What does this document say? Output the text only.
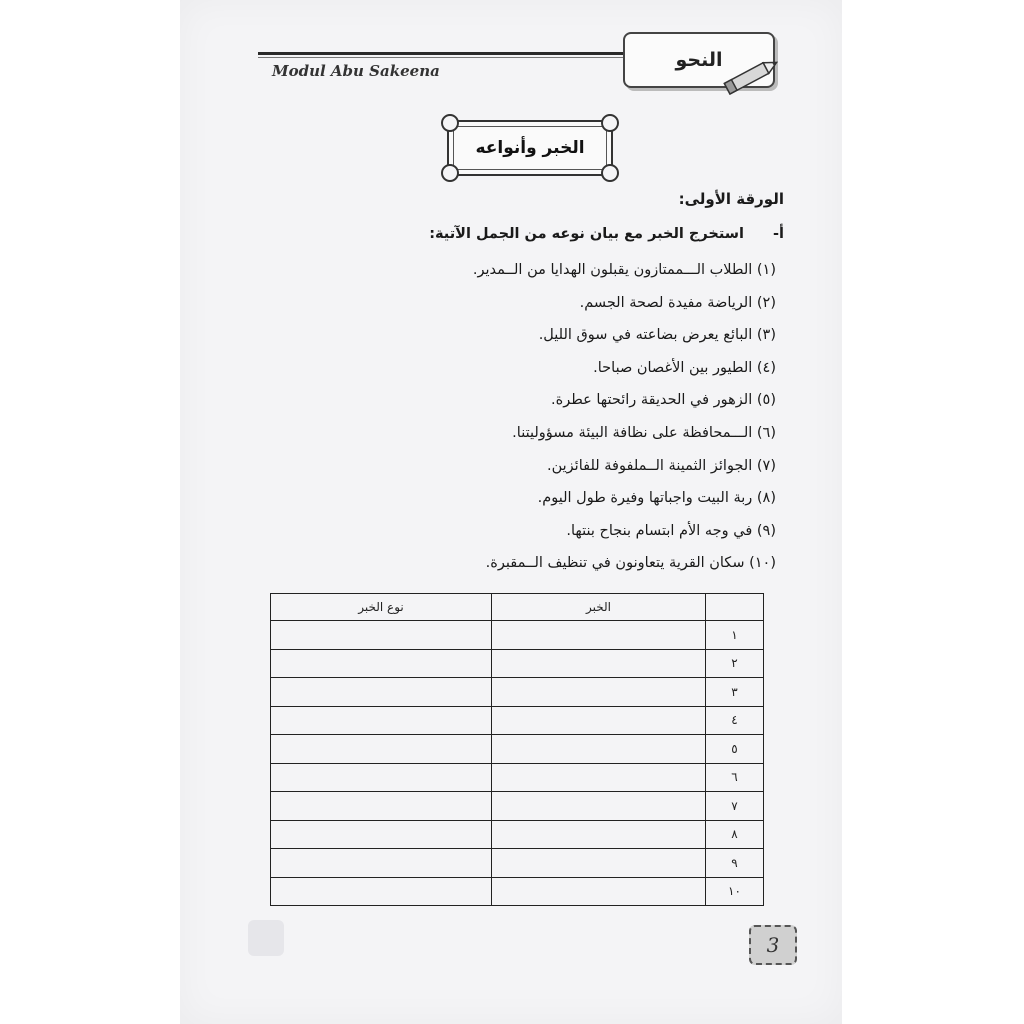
Modul Abu Sakeena	النحو
الخبر وأنواعه
الورقة الأولى:
أ-استخرج الخبر مع بيان نوعه من الجمل الآتية:
(١) الطلاب الـــممتازون يقبلون الهدايا من الــمدير.
(٢) الرياضة مفيدة لصحة الجسم.
(٣) البائع يعرض بضاعته في سوق الليل.
(٤) الطيور بين الأغصان صباحا.
(٥) الزهور في الحديقة رائحتها عطرة.
(٦) الـــمحافظة على نظافة البيئة مسؤوليتنا.
(٧) الجوائز الثمينة الــملفوفة للفائزين.
(٨) ربة البيت واجباتها وفيرة طول اليوم.
(٩) في وجه الأم ابتسام بنجاح بنتها.
(١٠) سكان القرية يتعاونون في تنظيف الــمقبرة.
	الخبر	نوع الخبر
١		
٢		
٣		
٤		
٥		
٦		
٧		
٨		
٩		
١٠		
3
